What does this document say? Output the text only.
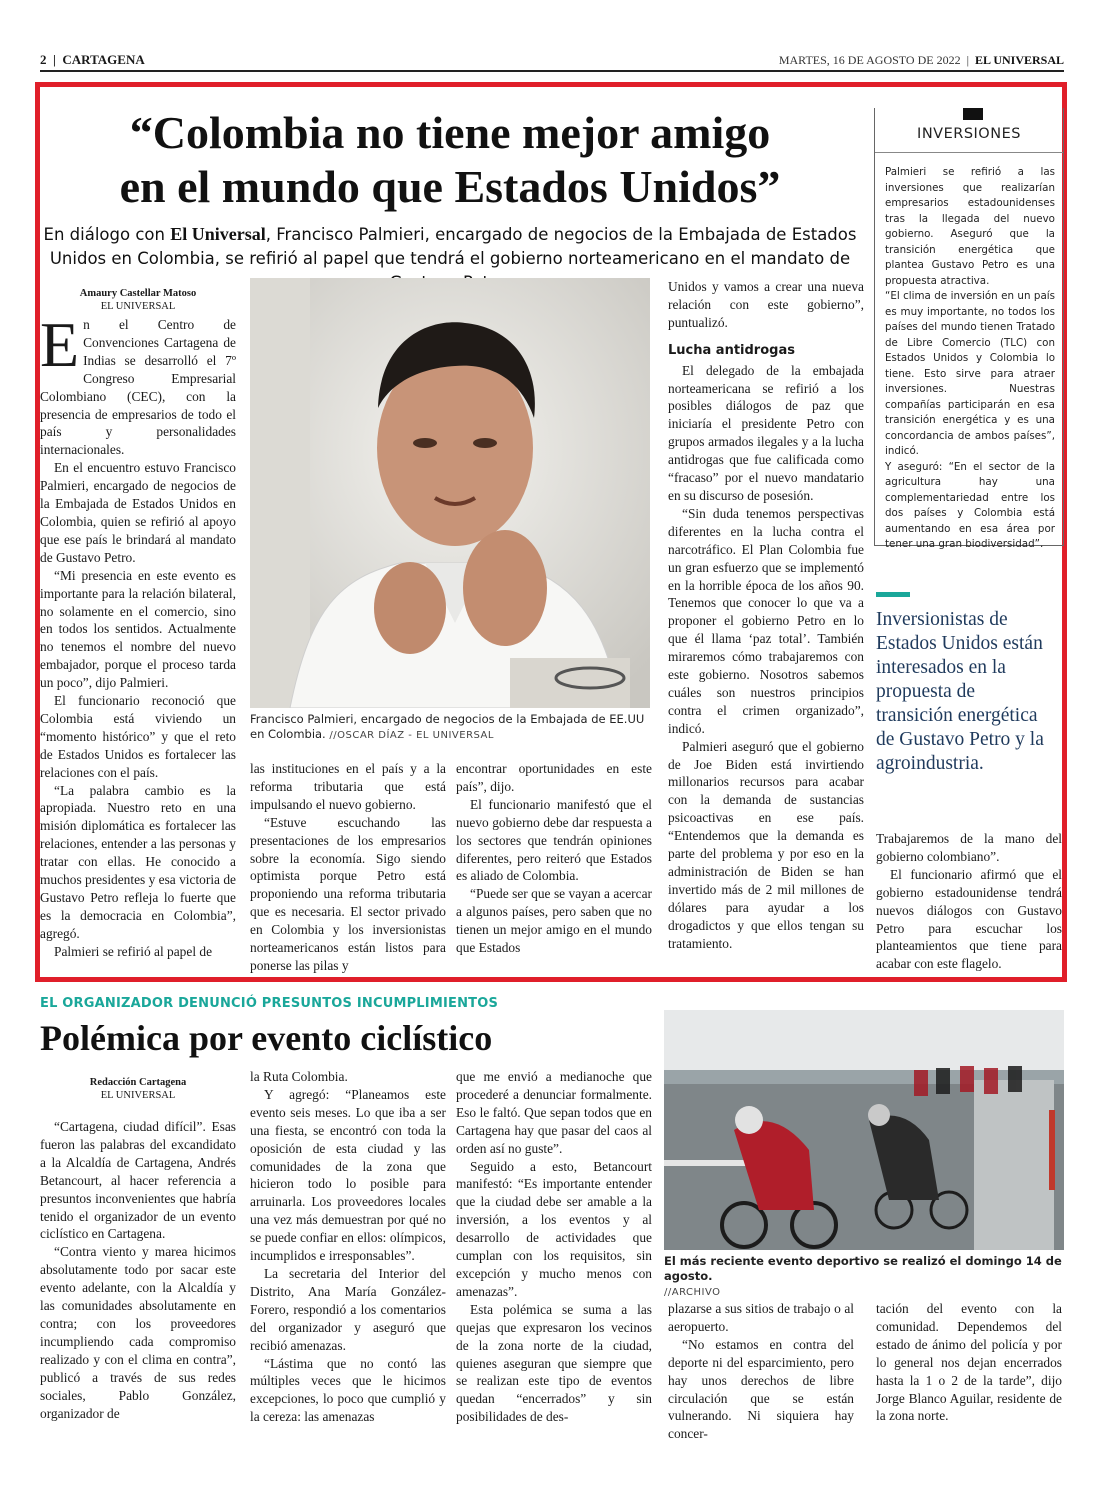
2  |  CARTAGENA	MARTES, 16 DE AGOSTO DE 2022  |  EL UNIVERSAL
“Colombia no tiene mejor amigo
en el mundo que Estados Unidos”
En diálogo con El Universal, Francisco Palmieri, encargado de negocios de la Embajada de Estados Unidos en Colombia, se refirió al papel que tendrá el gobierno norteamericano en el mandato de
Amaury Castellar Matoso
EL UNIVERSAL

En el Centro de Convenciones Cartagena de Indias se desarrolló el 7º Congreso Empresarial Colombiano (CEC), con la presencia de empresarios de todo el país y personalidades internacionales.

En el encuentro estuvo Francisco Palmieri, encargado de negocios de la Embajada de Estados Unidos en Colombia, quien se refirió al apoyo que ese país le brindará al mandato de Gustavo Petro.

“Mi presencia en este evento es importante para la relación bilateral, no solamente en el comercio, sino en todos los sentidos. Actualmente no tenemos el nombre del nuevo embajador, porque el proceso tarda un poco”, dijo Palmieri.

El funcionario reconoció que Colombia está viviendo un “momento histórico” y que el reto de Estados Unidos es fortalecer las relaciones con el país.

“La palabra cambio es la apropiada. Nuestro reto en una misión diplomática es fortalecer las relaciones, entender a las personas y tratar con ellas. He conocido a muchos presidentes y esa victoria de Gustavo Petro refleja lo fuerte que es la democracia en Colombia”, agregó.

Palmieri se refirió al papel de

Francisco Palmieri, encargado de negocios de la Embajada de EE.UU en Colombia. //OSCAR DÍAZ - EL UNIVERSAL

las instituciones en el país y a la reforma tributaria que está impulsando el nuevo gobierno.

“Estuve escuchando las presentaciones de los empresarios sobre la economía. Sigo siendo optimista porque Petro está proponiendo una reforma tributaria que es necesaria. El sector privado en Colombia y los inversionistas norteamericanos están listos para ponerse las pilas y

encontrar oportunidades en este país”, dijo.

El funcionario manifestó que el nuevo gobierno debe dar respuesta a los sectores que tendrán opiniones diferentes, pero reiteró que Estados es aliado de Colombia.

“Puede ser que se vayan a acercar a algunos países, pero saben que no tienen un mejor amigo en el mundo que Estados

Unidos y vamos a crear una nueva relación con este gobierno”, puntualizó.

Lucha antidrogas

El delegado de la embajada norteamericana se refirió a los posibles diálogos de paz que iniciaría el presidente Petro con grupos armados ilegales y a la lucha antidrogas que fue calificada como “fracaso” por el nuevo mandatario en su discurso de posesión.

“Sin duda tenemos perspectivas diferentes en la lucha contra el narcotráfico. El Plan Colombia fue un gran esfuerzo que se implementó en la horrible época de los años 90. Tenemos que conocer lo que va a proponer el gobierno Petro en lo que él llama ‘paz total’. También miraremos cómo trabajaremos con este gobierno. Nosotros sabemos cuáles son nuestros principios contra el crimen organizado”, indicó.

Palmieri aseguró que el gobierno de Joe Biden está invirtiendo millonarios recursos para acabar con la demanda de sustancias psicoactivas en ese país. “Entendemos que la demanda es parte del problema y por eso en la administración de Biden se han invertido más de 2 mil millones de dólares para ayudar a los drogadictos y que ellos tengan su tratamiento.

INVERSIONES

Palmieri se refirió a las inversiones que realizarían empresarios estadounidenses tras la llegada del nuevo gobierno. Aseguró que la transición energética que plantea Gustavo Petro es una propuesta atractiva.

“El clima de inversión en un país es muy importante, no todos los países del mundo tienen Tratado de Libre Comercio (TLC) con Estados Unidos y Colombia lo tiene. Esto sirve para atraer inversiones. Nuestras compañías participarán en esa transición energética y es una concordancia de ambos países”, indicó.

Y aseguró: “En el sector de la agricultura hay una complementariedad entre los dos países y Colombia está aumentando en esa área por tener una gran biodiversidad”.

Inversionistas de Estados Unidos están interesados en la propuesta de transición energética de Gustavo Petro y la agroindustria.

Trabajaremos de la mano del gobierno colombiano”.

El funcionario afirmó que el gobierno estadounidense tendrá nuevos diálogos con Gustavo Petro para escuchar los planteamientos que tiene para acabar con este flagelo.

EL ORGANIZADOR DENUNCIÓ PRESUNTOS INCUMPLIMIENTOS
Polémica por evento ciclístico
Redacción Cartagena
EL UNIVERSAL

“Cartagena, ciudad difícil”. Esas fueron las palabras del excandidato a la Alcaldía de Cartagena, Andrés Betancourt, al hacer referencia a presuntos inconvenientes que habría tenido el organizador de un evento ciclístico en Cartagena.

“Contra viento y marea hicimos absolutamente todo por sacar este evento adelante, con la Alcaldía y las comunidades absolutamente en contra; con los proveedores incumpliendo cada compromiso realizado y con el clima en contra”, publicó a través de sus redes sociales, Pablo González, organizador de

la Ruta Colombia.

Y agregó: “Planeamos este evento seis meses. Lo que iba a ser una fiesta, se encontró con toda la oposición de esta ciudad y las comunidades de la zona que hicieron todo lo posible para arruinarla. Los proveedores locales una vez más demuestran por qué no se puede confiar en ellos: olímpicos, incumplidos e irresponsables”.

La secretaria del Interior del Distrito, Ana María González-Forero, respondió a los comentarios del organizador y aseguró que recibió amenazas.

“Lástima que no contó las múltiples veces que le hicimos excepciones, lo poco que cumplió y la cereza: las amenazas

que me envió a medianoche que procederé a denunciar formalmente. Eso le faltó. Que sepan todos que en Cartagena hay que pasar del caos al orden así no guste”.

Seguido a esto, Betancourt manifestó: “Es importante entender que la ciudad debe ser amable a la inversión, a los eventos y al desarrollo de actividades que cumplan con los requisitos, sin excepción y mucho menos con amenazas”.

Esta polémica se suma a las quejas que expresaron los vecinos de la zona norte de la ciudad, quienes aseguran que siempre que se realizan este tipo de eventos quedan “encerrados” y sin posibilidades de des-

El más reciente evento deportivo se realizó el domingo 14 de agosto.
//ARCHIVO

plazarse a sus sitios de trabajo o al aeropuerto.

“No estamos en contra del deporte ni del esparcimiento, pero hay unos derechos de libre circulación que se están vulnerando. Ni siquiera hay concer-

tación del evento con la comunidad. Dependemos del estado de ánimo del policía y por lo general nos dejan encerrados hasta la 1 o 2 de la tarde”, dijo Jorge Blanco Aguilar, residente de la zona norte.
